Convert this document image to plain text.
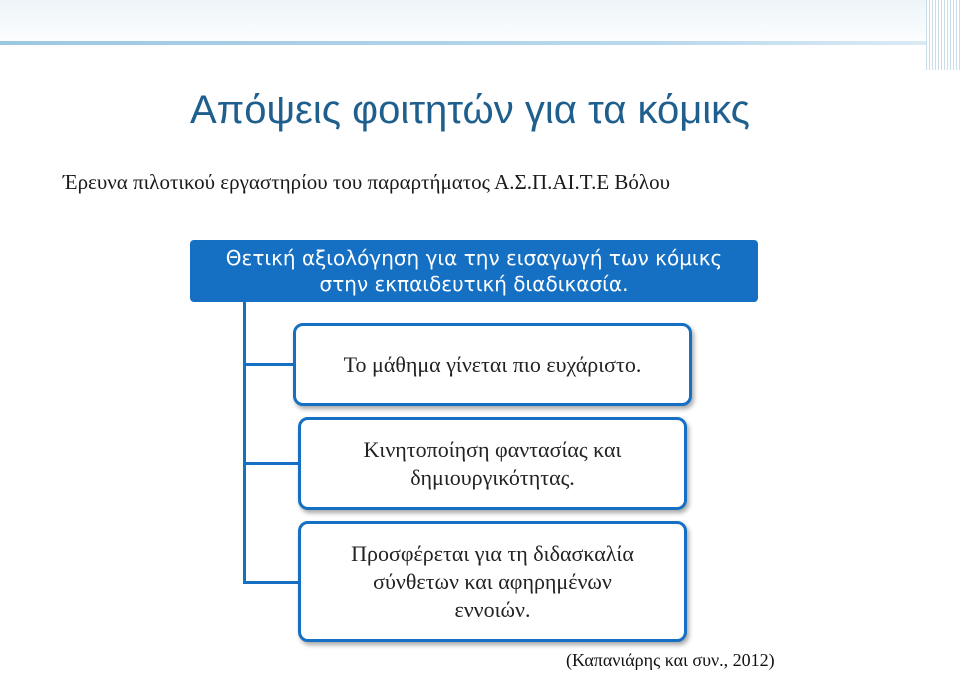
Απόψεις φοιτητών για τα κόμικς
Έρευνα πιλοτικού εργαστηρίου του παραρτήματος Α.Σ.Π.ΑΙ.Τ.Ε Βόλου
Θετική αξιολόγηση για την εισαγωγή των κόμικς
στην εκπαιδευτική διαδικασία.
Το μάθημα γίνεται πιο ευχάριστο.
Κινητοποίηση φαντασίας και
δημιουργικότητας.
Προσφέρεται για τη διδασκαλία
σύνθετων και αφηρημένων
εννοιών.
(Καπανιάρης και συν., 2012)
